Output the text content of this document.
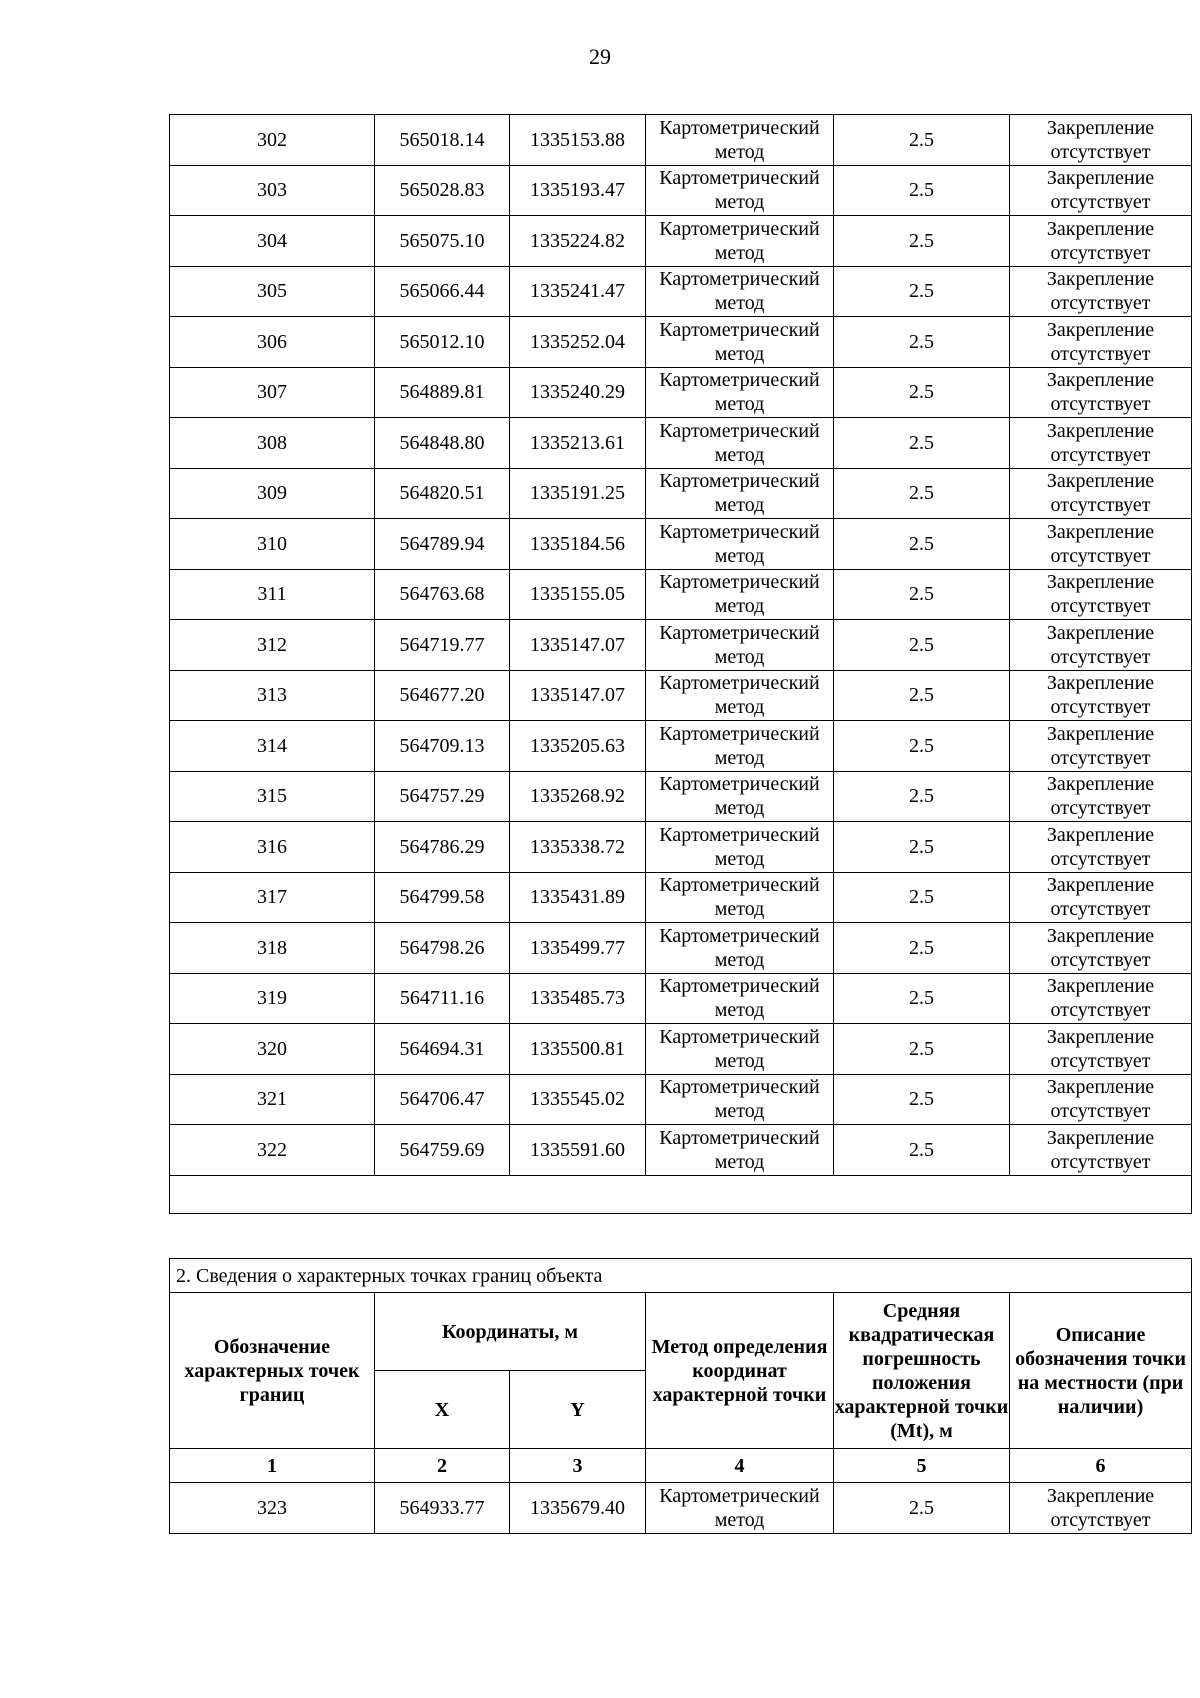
29
302	565018.14	1335153.88	Картометрический метод	2.5	Закрепление отсутствует
303	565028.83	1335193.47	Картометрический метод	2.5	Закрепление отсутствует
304	565075.10	1335224.82	Картометрический метод	2.5	Закрепление отсутствует
305	565066.44	1335241.47	Картометрический метод	2.5	Закрепление отсутствует
306	565012.10	1335252.04	Картометрический метод	2.5	Закрепление отсутствует
307	564889.81	1335240.29	Картометрический метод	2.5	Закрепление отсутствует
308	564848.80	1335213.61	Картометрический метод	2.5	Закрепление отсутствует
309	564820.51	1335191.25	Картометрический метод	2.5	Закрепление отсутствует
310	564789.94	1335184.56	Картометрический метод	2.5	Закрепление отсутствует
311	564763.68	1335155.05	Картометрический метод	2.5	Закрепление отсутствует
312	564719.77	1335147.07	Картометрический метод	2.5	Закрепление отсутствует
313	564677.20	1335147.07	Картометрический метод	2.5	Закрепление отсутствует
314	564709.13	1335205.63	Картометрический метод	2.5	Закрепление отсутствует
315	564757.29	1335268.92	Картометрический метод	2.5	Закрепление отсутствует
316	564786.29	1335338.72	Картометрический метод	2.5	Закрепление отсутствует
317	564799.58	1335431.89	Картометрический метод	2.5	Закрепление отсутствует
318	564798.26	1335499.77	Картометрический метод	2.5	Закрепление отсутствует
319	564711.16	1335485.73	Картометрический метод	2.5	Закрепление отсутствует
320	564694.31	1335500.81	Картометрический метод	2.5	Закрепление отсутствует
321	564706.47	1335545.02	Картометрический метод	2.5	Закрепление отсутствует
322	564759.69	1335591.60	Картометрический метод	2.5	Закрепление отсутствует

2. Сведения о характерных точках границ объекта					
Обозначение характерных точек границ	Координаты, м		Метод определения координат характерной точки	Средняя квадратическая погрешность положения характерной точки (Mt), м	Описание обозначения точки на местности (при наличии)
	X	Y			
1	2	3	4	5	6
323	564933.77	1335679.40	Картометрический метод	2.5	Закрепление отсутствует
